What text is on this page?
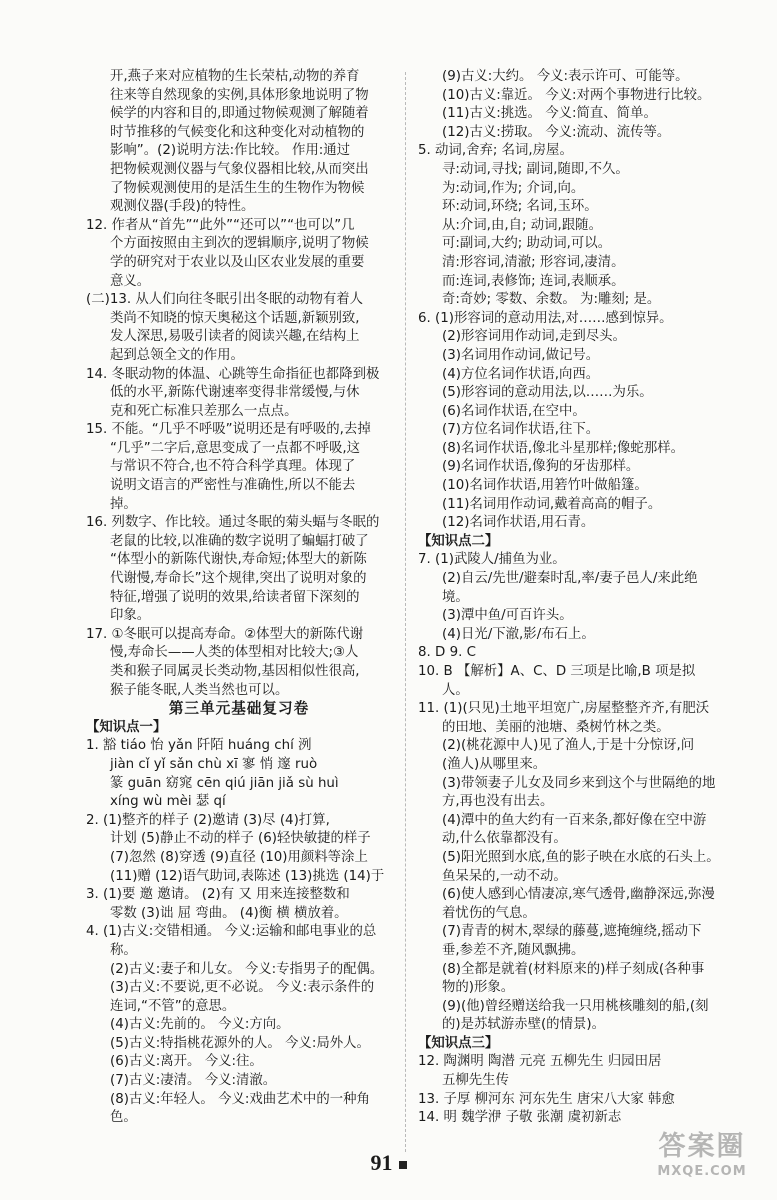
开,燕子来对应植物的生长荣枯,动物的养育
往来等自然现象的实例,具体形象地说明了物
候学的内容和目的,即通过物候观测了解随着
时节推移的气候变化和这种变化对动植物的
影响”。(2)说明方法:作比较。 作用:通过
把物候观测仪器与气象仪器相比较,从而突出
了物候观测使用的是活生生的生物作为物候
观测仪器(手段)的特性。
12. 作者从“首先”“此外”“还可以”“也可以”几
个方面按照由主到次的逻辑顺序,说明了物候
学的研究对于农业以及山区农业发展的重要
意义。
(二)13. 从人们向往冬眠引出冬眠的动物有着人
类尚不知晓的惊天奥秘这个话题,新颖别致,
发人深思,易吸引读者的阅读兴趣,在结构上
起到总领全文的作用。
14. 冬眠动物的体温、心跳等生命指征也都降到极
低的水平,新陈代谢速率变得非常缓慢,与休
克和死亡标准只差那么一点点。
15. 不能。“几乎不呼吸”说明还是有呼吸的,去掉
“几乎”二字后,意思变成了一点都不呼吸,这
与常识不符合,也不符合科学真理。体现了
说明文语言的严密性与准确性,所以不能去
掉。
16. 列数字、作比较。通过冬眠的菊头蝠与冬眠的
老鼠的比较,以准确的数字说明了蝙蝠打破了
“体型小的新陈代谢快,寿命短;体型大的新陈
代谢慢,寿命长”这个规律,突出了说明对象的
特征,增强了说明的效果,给读者留下深刻的
印象。
17. ①冬眠可以提高寿命。②体型大的新陈代谢
慢,寿命长——人类的体型相对比较大;③人
类和猴子同属灵长类动物,基因相似性很高,
猴子能冬眠,人类当然也可以。
第三单元基础复习卷
【知识点一】
1. 豁 tiáo 怡 yǎn 阡陌 huáng chí 洌
jiàn cǐ yǐ sǎn chù xī 寥 悄 邃 ruò
篆 guān 窈窕 cēn qiú jiān jiǎ sù huì
xíng wù mèi 瑟 qí
2. (1)整齐的样子 (2)邀请 (3)尽 (4)打算,
计划 (5)静止不动的样子 (6)轻快敏捷的样子
(7)忽然 (8)穿透 (9)直径 (10)用颜料等涂上
(11)赠 (12)语气助词,表陈述 (13)挑选 (14)于
3. (1)要 邀 邀请。 (2)有 又 用来连接整数和
零数 (3)诎 屈 弯曲。 (4)衡 横 横放着。
4. (1)古义:交错相通。 今义:运输和邮电事业的总称。
(2)古义:妻子和儿女。 今义:专指男子的配偶。
(3)古义:不要说,更不必说。 今义:表示条件的
连词,“不管”的意思。
(4)古义:先前的。 今义:方向。
(5)古义:特指桃花源外的人。 今义:局外人。
(6)古义:离开。 今义:往。
(7)古义:凄清。 今义:清澈。
(8)古义:年轻人。 今义:戏曲艺术中的一种角色。
(9)古义:大约。 今义:表示许可、可能等。
(10)古义:靠近。 今义:对两个事物进行比较。
(11)古义:挑选。 今义:简直、简单。
(12)古义:捞取。 今义:流动、流传等。
5. 动词,舍弃; 名词,房屋。
寻:动词,寻找; 副词,随即,不久。
为:动词,作为; 介词,向。
环:动词,环绕; 名词,玉环。
从:介词,由,自; 动词,跟随。
可:副词,大约; 助动词,可以。
清:形容词,清澈; 形容词,凄清。
而:连词,表修饰; 连词,表顺承。
奇:奇妙; 零数、余数。 为:雕刻; 是。
6. (1)形容词的意动用法,对……感到惊异。
(2)形容词用作动词,走到尽头。
(3)名词用作动词,做记号。
(4)方位名词作状语,向西。
(5)形容词的意动用法,以……为乐。
(6)名词作状语,在空中。
(7)方位名词作状语,往下。
(8)名词作状语,像北斗星那样;像蛇那样。
(9)名词作状语,像狗的牙齿那样。
(10)名词作状语,用箬竹叶做船篷。
(11)名词用作动词,戴着高高的帽子。
(12)名词作状语,用石青。
【知识点二】
7. (1)武陵人/捕鱼为业。
(2)自云/先世/避秦时乱,率/妻子邑人/来此绝境。
(3)潭中鱼/可百许头。
(4)日光/下澈,影/布石上。
8. D 9. C
10. B 【解析】A、C、D 三项是比喻,B 项是拟人。
11. (1)(只见)土地平坦宽广,房屋整整齐齐,有肥沃
的田地、美丽的池塘、桑树竹林之类。
(2)(桃花源中人)见了渔人,于是十分惊讶,问
(渔人)从哪里来。
(3)带领妻子儿女及同乡来到这个与世隔绝的地
方,再也没有出去。
(4)潭中的鱼大约有一百来条,都好像在空中游
动,什么依靠都没有。
(5)阳光照到水底,鱼的影子映在水底的石头上。
鱼呆呆的,一动不动。
(6)使人感到心情凄凉,寒气透骨,幽静深远,弥漫
着忧伤的气息。
(7)青青的树木,翠绿的藤蔓,遮掩缠绕,摇动下
垂,参差不齐,随风飘拂。
(8)全都是就着(材料原来的)样子刻成(各种事
物的)形象。
(9)(他)曾经赠送给我一只用桃核雕刻的船,(刻
的)是苏轼游赤壁(的情景)。
【知识点三】
12. 陶渊明 陶潜 元亮 五柳先生 归园田居
五柳先生传
13. 子厚 柳河东 河东先生 唐宋八大家 韩愈
14. 明 魏学洢 子敬 张潮 虞初新志
91
答案圈
MXQE.COM
